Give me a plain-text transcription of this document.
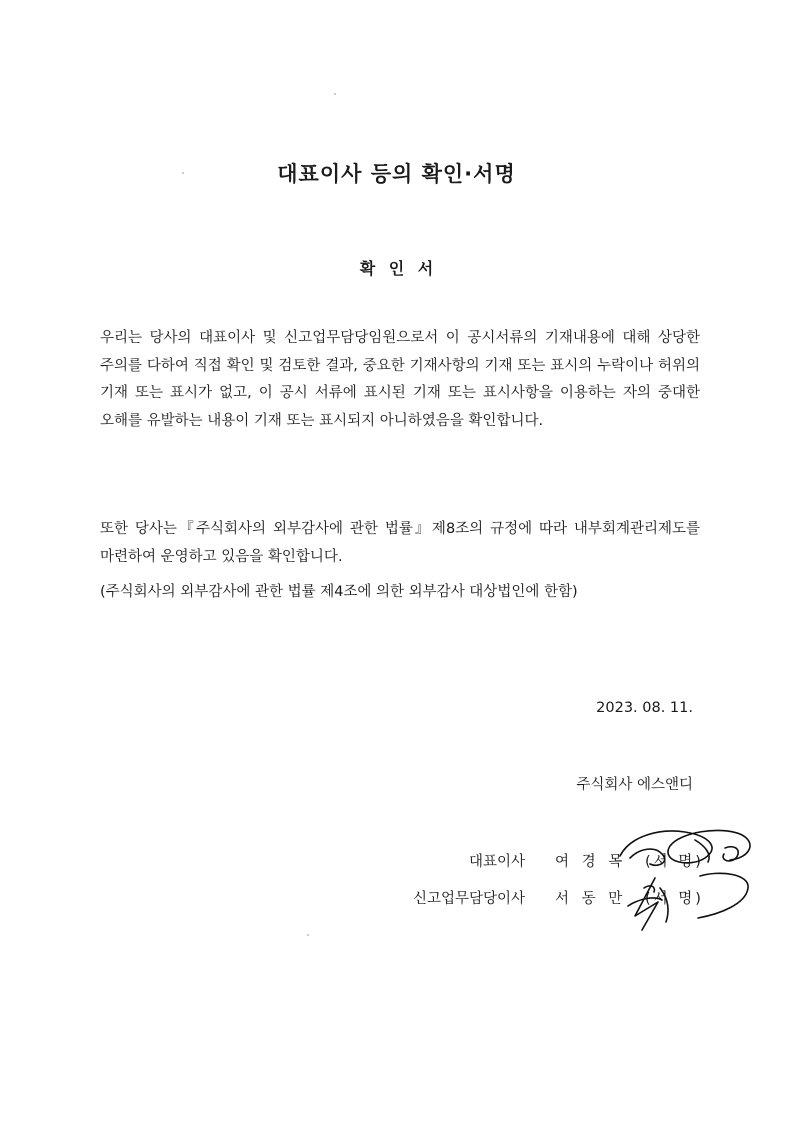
대표이사 등의 확인·서명
확 인 서

우리는 당사의 대표이사 및 신고업무담당임원으로서 이 공시서류의 기재내용에 대해 상당한 주의를 다하여 직접 확인 및 검토한 결과, 중요한 기재사항의 기재 또는 표시의 누락이나 허위의 기재 또는 표시가 없고, 이 공시 서류에 표시된 기재 또는 표시사항을 이용하는 자의 중대한 오해를 유발하는 내용이 기재 또는 표시되지 아니하였음을 확인합니다.

또한 당사는『주식회사의 외부감사에 관한 법률』제8조의 규정에 따라 내부회계관리제도를 마련하여 운영하고 있음을 확인합니다.

(주식회사의 외부감사에 관한 법률 제4조에 의한 외부감사 대상법인에 한함)
2023. 08. 11.
주식회사 에스앤디
대표이사 여 경 목 (서 명)
신고업무담당이사 서 동 만 (서 명)
